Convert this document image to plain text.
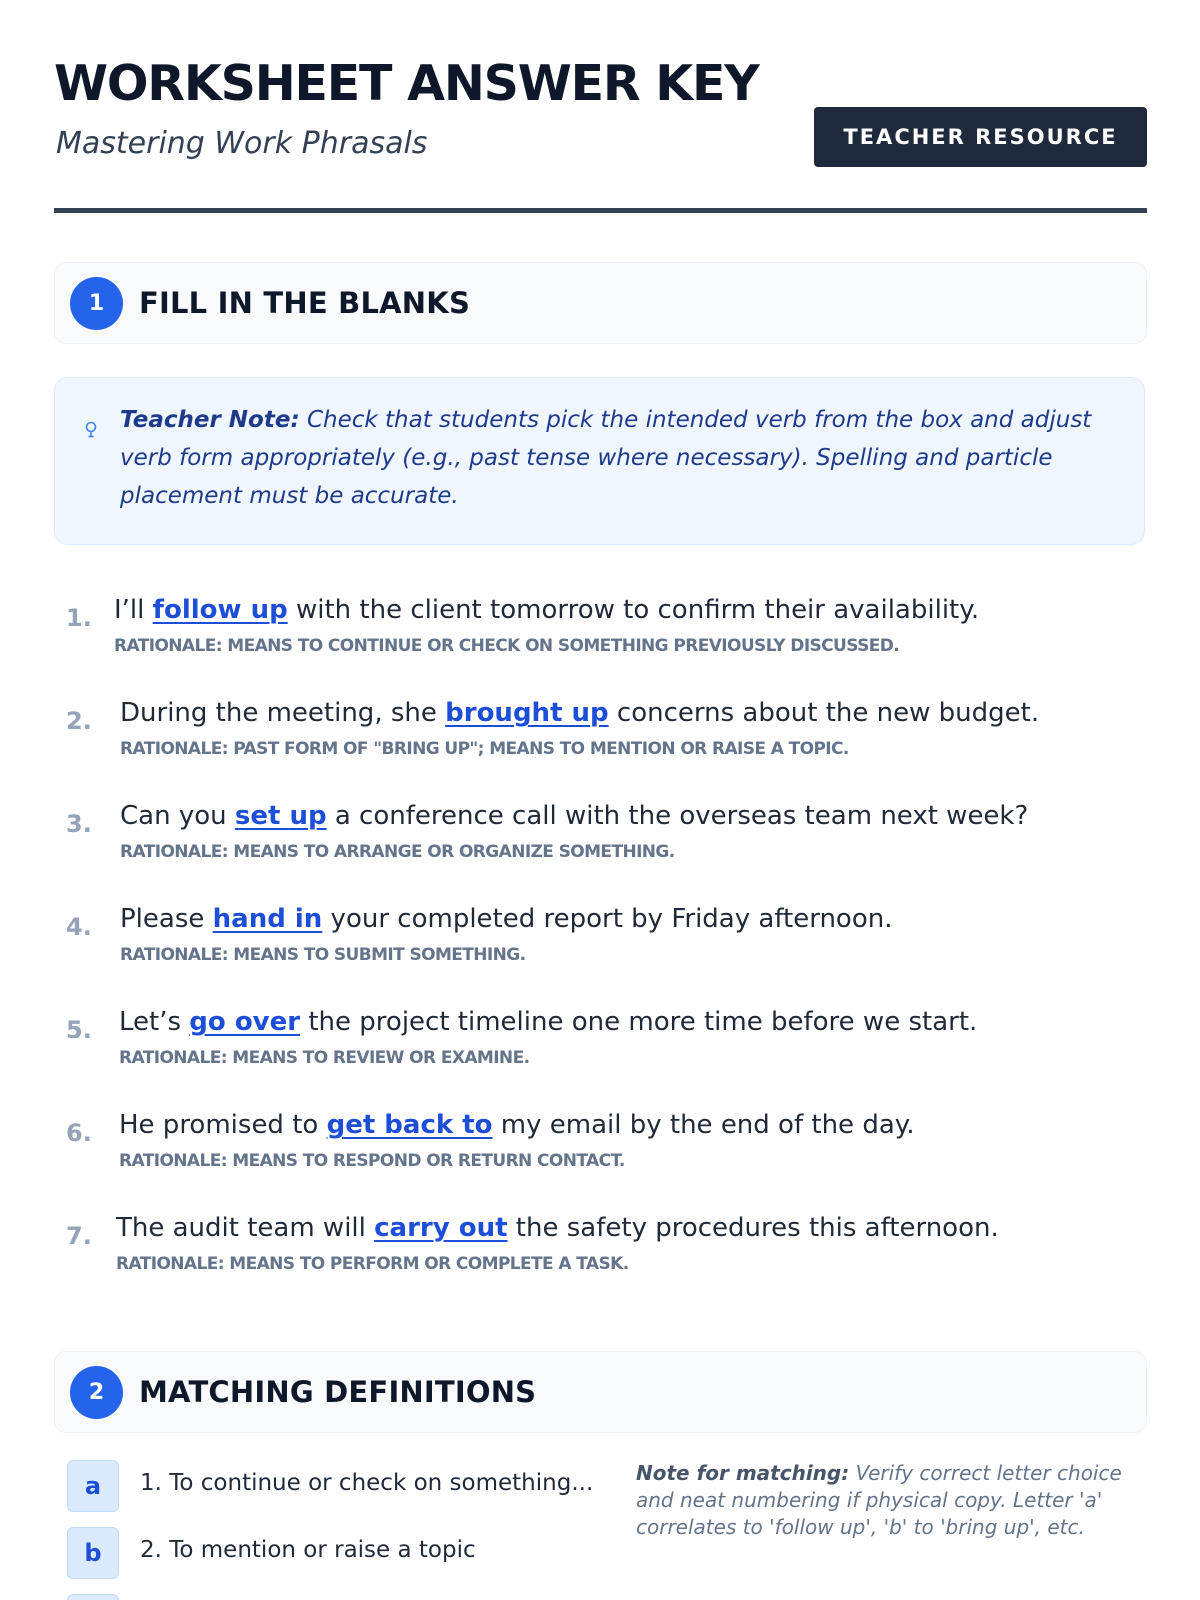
WORKSHEET ANSWER KEY
Mastering Work Phrasals	TEACHER RESOURCE
1	FILL IN THE BLANKS
Teacher Note: Check that students pick the intended verb from the box and adjust verb form appropriately (e.g., past tense where necessary). Spelling and particle placement must be accurate.
1. I’ll follow up with the client tomorrow to confirm their availability.
RATIONALE: MEANS TO CONTINUE OR CHECK ON SOMETHING PREVIOUSLY DISCUSSED.
2. During the meeting, she brought up concerns about the new budget.
RATIONALE: PAST FORM OF "BRING UP"; MEANS TO MENTION OR RAISE A TOPIC.
3. Can you set up a conference call with the overseas team next week?
RATIONALE: MEANS TO ARRANGE OR ORGANIZE SOMETHING.
4. Please hand in your completed report by Friday afternoon.
RATIONALE: MEANS TO SUBMIT SOMETHING.
5. Let’s go over the project timeline one more time before we start.
RATIONALE: MEANS TO REVIEW OR EXAMINE.
6. He promised to get back to my email by the end of the day.
RATIONALE: MEANS TO RESPOND OR RETURN CONTACT.
7. The audit team will carry out the safety procedures this afternoon.
RATIONALE: MEANS TO PERFORM OR COMPLETE A TASK.
2	MATCHING DEFINITIONS
a	1. To continue or check on something...
b	2. To mention or raise a topic
Note for matching: Verify correct letter choice and neat numbering if physical copy. Letter 'a' correlates to 'follow up', 'b' to 'bring up', etc.
